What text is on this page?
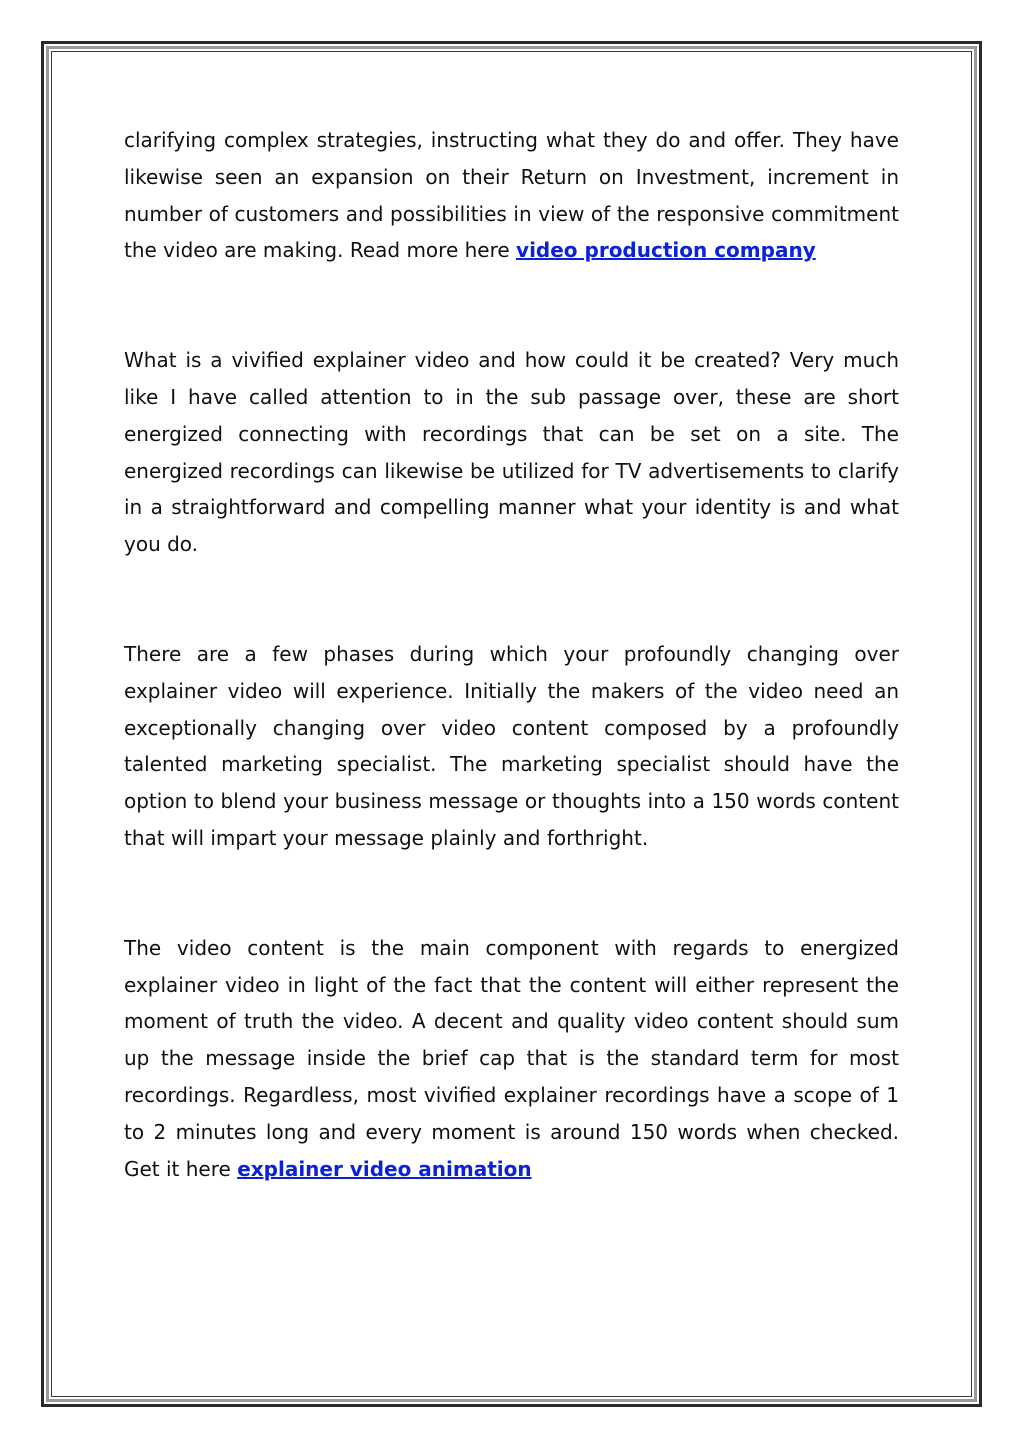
clarifying complex strategies, instructing what they do and offer. They have likewise seen an expansion on their Return on Investment, increment in number of customers and possibilities in view of the responsive commitment the video are making. Read more here video production company

What is a vivified explainer video and how could it be created? Very much like I have called attention to in the sub passage over, these are short energized connecting with recordings that can be set on a site. The energized recordings can likewise be utilized for TV advertisements to clarify in a straightforward and compelling manner what your identity is and what you do.

There are a few phases during which your profoundly changing over explainer video will experience. Initially the makers of the video need an exceptionally changing over video content composed by a profoundly talented marketing specialist. The marketing specialist should have the option to blend your business message or thoughts into a 150 words content that will impart your message plainly and forthright.

The video content is the main component with regards to energized explainer video in light of the fact that the content will either represent the moment of truth the video. A decent and quality video content should sum up the message inside the brief cap that is the standard term for most recordings. Regardless, most vivified explainer recordings have a scope of 1 to 2 minutes long and every moment is around 150 words when checked. Get it here explainer video animation
